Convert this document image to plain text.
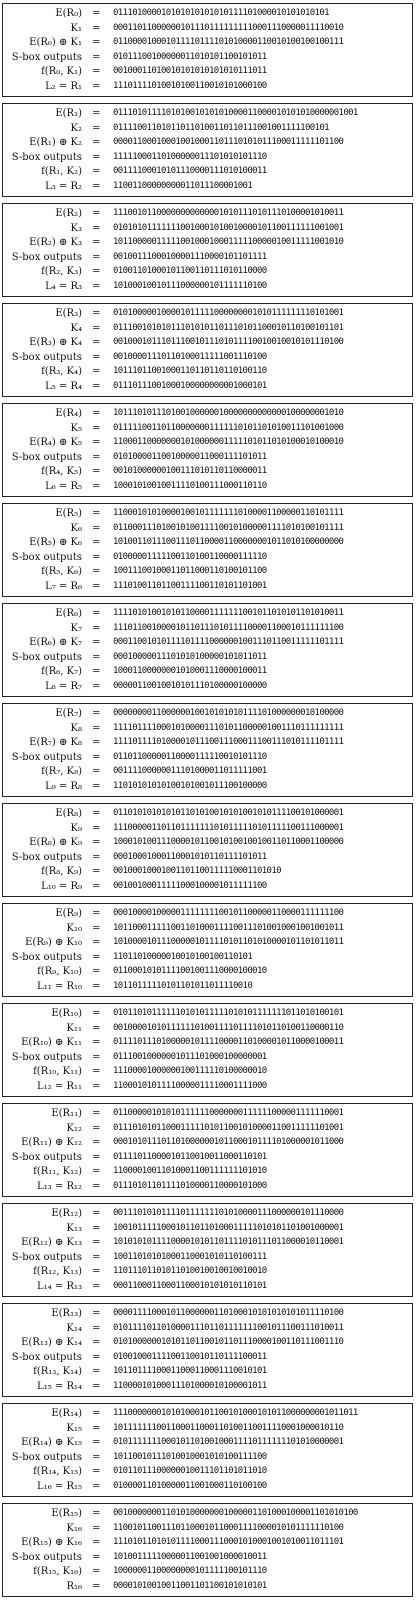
E(R₀) = 011101000010101010101010111101000010101010101
K₁ = 000110110000001011101111111110001110000011110010
E(R₀) ⊕ K₁ = 011000010001011110111101010000110010100100100111
S-box outputs = 01011100100000011010101100101011
f(R₀, K₁) = 00100011010010101010101010111011
L₂ = R₁ = 11101111010010100110010101000100
E(R₁) = 011101011110101001010101000011000010101010000001001
K₂ = 011110011010110110100110110111001001111100101
E(R₁) ⊕ K₂ = 000011000100010010001101110101011100011111101100
S-box outputs = 11111000110100000011101010101110
f(R₁, K₂) = 00111100010101110000111010100011
L₃ = R₂ = 11001100000000011011100001001
E(R₂) = 111001011000000000000010101110101110100001010011
K₃ = 010101011111110010001010010000101100111111001001
E(R₂) ⊕ K₃ = 101100000111110010001000111110000010011111001010
S-box outputs = 00100111000100001110000101101111
f(R₂, K₃) = 01001101000101100110111010110000
L₄ = R₃ = 10100010010111000000101111110100
E(R₃) = 010100000100001011111000000001010111111110101001
K₄ = 011100101010111010101101110101100010110100101101
E(R₃) ⊕ K₄ = 001000101110111001011101011110010010010101110100
S-box outputs = 00100001110110100011111001110100
f(R₃, K₄) = 10111011001000110110110110100110
L₅ = R₄ = 01110111001000100000000001000101
E(R₄) = 101110101110100100000010000000000000100000001010
K₅ = 011111001101100000001111110101101010011101001000
E(R₄) ⊕ K₅ = 110001100000001010000001111101011010100010100010
S-box outputs = 01010000110010000011000111101011
f(R₄, K₅) = 00101000000100111010110110000011
L₆ = R₅ = 10001010010011110100111000110110
E(R₅) = 110001010100001001011111110100001100000110101111
K₆ = 011000111010010100111100101000001111010100101111
E(R₅) ⊕ K₆ = 101001101110011101100001100000001011010100000000
S-box outputs = 01000001111100110100110000111110
f(R₅, K₆) = 10011100100011011000110100101100
L₇ = R₆ = 11101001101100111100110101101001
E(R₆) = 111101010010101100001111111001011010101101010011
K₇ = 111011001000010110111010111100001100010111111100
E(R₆) ⊕ K₇ = 000110010101111011110000001001110110011111101111
S-box outputs = 00010000011101010100000101011011
f(R₆, K₇) = 10001100000001010001110000100011
L₈ = R₇ = 00000110010010101110100000100000
E(R₇) = 000000001100000010010101010111101000000010100000
K₈ = 111101111000101000011101011000001001110111111111
E(R₇) ⊕ K₈ = 111101111010000101110011100011100111010111101111
S-box outputs = 01101100000110000111110010101110
f(R₇, K₈) = 00111100000011101000011011111001
L₉ = R₈ = 11010101010100101001011100100000
E(R₈) = 011010101010101101010010101001010111100101000001
K₉ = 111000001101101111111010111110101111100111000001
E(R₈) ⊕ K₉ = 100010100111000010110010100100100110110001100000
S-box outputs = 00010001000110001010110111101011
f(R₈, K₉) = 00100010001001101100111110001101010
L₁₀ = R₉ = 00100100011111000100001011111100
E(R₉) = 000100001000001111111100101100000110000111111100
K₁₀ = 101100011111001101000111100111010010001001001011
E(R₉) ⊕ K₁₀ = 101000010111000001011110101101010000101101011011
S-box outputs = 11011010000010010100100110101
f(R₉, K₁₀) = 01100010101111001001110000100010
L₁₁ = R₁₀ = 10110111110101101011011110010
E(R₁₀) = 010110101111110101011111010101111111011010100101
K₁₁ = 001000010101111110100111101111010110100110000110
E(R₁₀) ⊕ K₁₁ = 011110111010000010111100001101000010110000100011
S-box outputs = 01110010000001011101000100000001
f(R₁₀, K₁₁) = 11100001000000100111110100000010
L₁₂ = R₁₁ = 11000101011110000011110001111000
E(R₁₁) = 011000001010101111110000000111111000001111110001
K₁₂ = 011101010110001111101011001010000110011111101001
E(R₁₁) ⊕ K₁₂ = 000101011101101000000101100010111101000001011000
S-box outputs = 01111011000010110010011000110101
f(R₁₁, K₁₂) = 11000010011010001100111111101010
L₁₃ = R₁₂ = 01110101101111010000110000101000
E(R₁₂) = 001110101011110111111101010000111000000101110000
K₁₃ = 100101111100010110110100011111010101101001000001
E(R₁₂) ⊕ K₁₃ = 101010101111000010101101111010111011000010110001
S-box outputs = 10011010101000110001010110100111
f(R₁₂, K₁₃) = 11011101101011010010010010010010
L₁₄ = R₁₃ = 00011000110001100010101010110101
E(R₁₃) = 000011110001011000000110100010101010101011110100
K₁₄ = 010111101101000011101101111111001011100111010011
E(R₁₃) ⊕ K₁₄ = 010100000010101101100101101110000100110111001110
S-box outputs = 01001000111100110010110111100011
f(R₁₃, K₁₄) = 10110111100011000110001110010101
L₁₅ = R₁₄ = 11000010100011101000010100001011
E(R₁₄) = 111000000010101000101100101000101011000000001011011
K₁₅ = 101111111001100011000110100110011110001000010110
E(R₁₄) ⊕ K₁₅ = 010111111100010110100100011110111111101010000001
S-box outputs = 10110010111010010001010100111100
f(R₁₄, K₁₅) = 01011011100000010011101101011010
L₁₆ = R₁₅ = 01000011010000011001000110100100
E(R₁₅) = 001000000011010100000001000001101000100001101010100
K₁₆ = 110010110011101100010110001111000010101111110100
E(R₁₅) ⊕ K₁₆ = 111010110101011110001110001010001001010011011101
S-box outputs = 10100111110000011001001000010011
f(R₁₅, K₁₆) = 10000001100000000101111100101110
R₁₆ = 00001010010011001101100101010101
